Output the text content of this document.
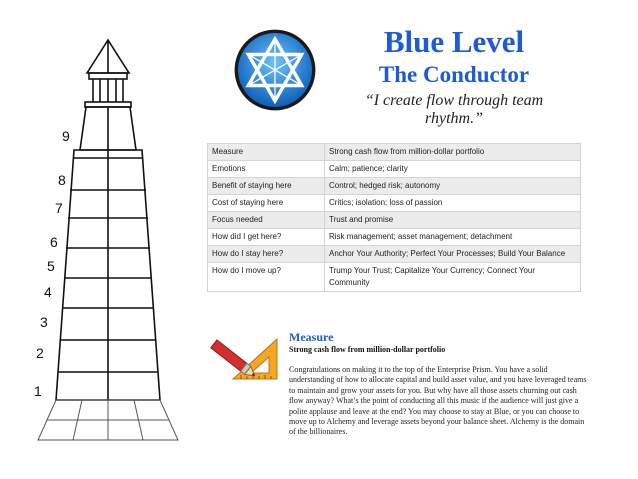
9
8
7
6
5
4
3
2
1
Blue Level
The Conductor
“I create flow through team rhythm.”
Measure	Strong cash flow from million-dollar portfolio
Emotions	Calm; patience; clarity
Benefit of staying here	Control; hedged risk; autonomy
Cost of staying here	Critics; isolation; loss of passion
Focus needed	Trust and promise
How did I get here?	Risk management; asset management; detachment
How do I stay here?	Anchor Your Authority; Perfect Your Processes; Build Your Balance
How do I move up?	Trump Your Trust; Capitalize Your Currency; Connect Your Community
Measure
Strong cash flow from million-dollar portfolio

Congratulations on making it to the top of the Enterprise Prism. You have a solid understanding of how to allocate capital and build asset value, and you have leveraged teams to maintain and grow your assets for you. But why have all those assets churning out cash flow anyway? What’s the point of conducting all this music if the audience will just give a polite applause and leave at the end? You may choose to stay at Blue, or you can choose to move up to Alchemy and leverage assets beyond your balance sheet. Alchemy is the domain of the billionaires.
